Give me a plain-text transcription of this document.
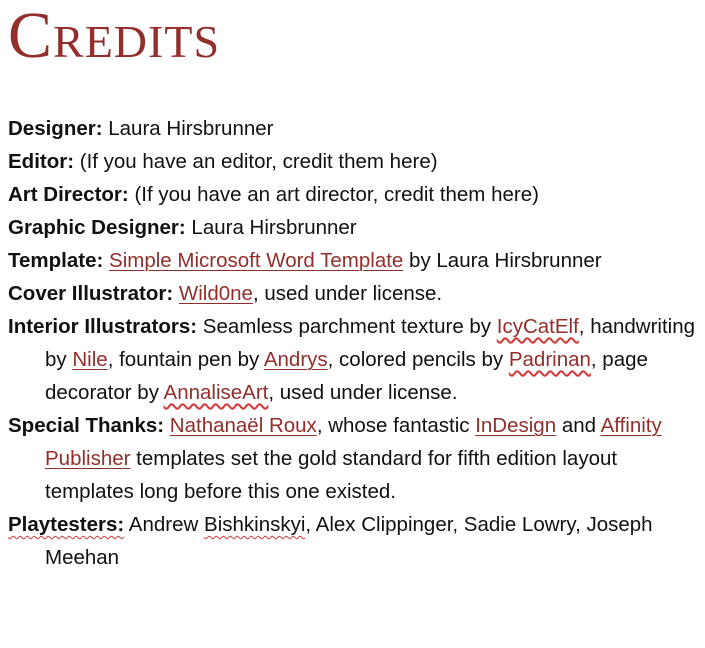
Credits

Designer: Laura Hirsbrunner

Editor: (If you have an editor, credit them here)

Art Director: (If you have an art director, credit them here)

Graphic Designer: Laura Hirsbrunner

Template: Simple Microsoft Word Template by Laura Hirsbrunner

Cover Illustrator: Wild0ne, used under license.

Interior Illustrators: Seamless parchment texture by IcyCatElf, handwriting by Nile, fountain pen by Andrys, colored pencils by Padrinan, page decorator by AnnaliseArt, used under license.

Special Thanks: Nathanaël Roux, whose fantastic InDesign and Affinity Publisher templates set the gold standard for fifth edition layout templates long before this one existed.

Playtesters: Andrew Bishkinskyi, Alex Clippinger, Sadie Lowry, Joseph Meehan
